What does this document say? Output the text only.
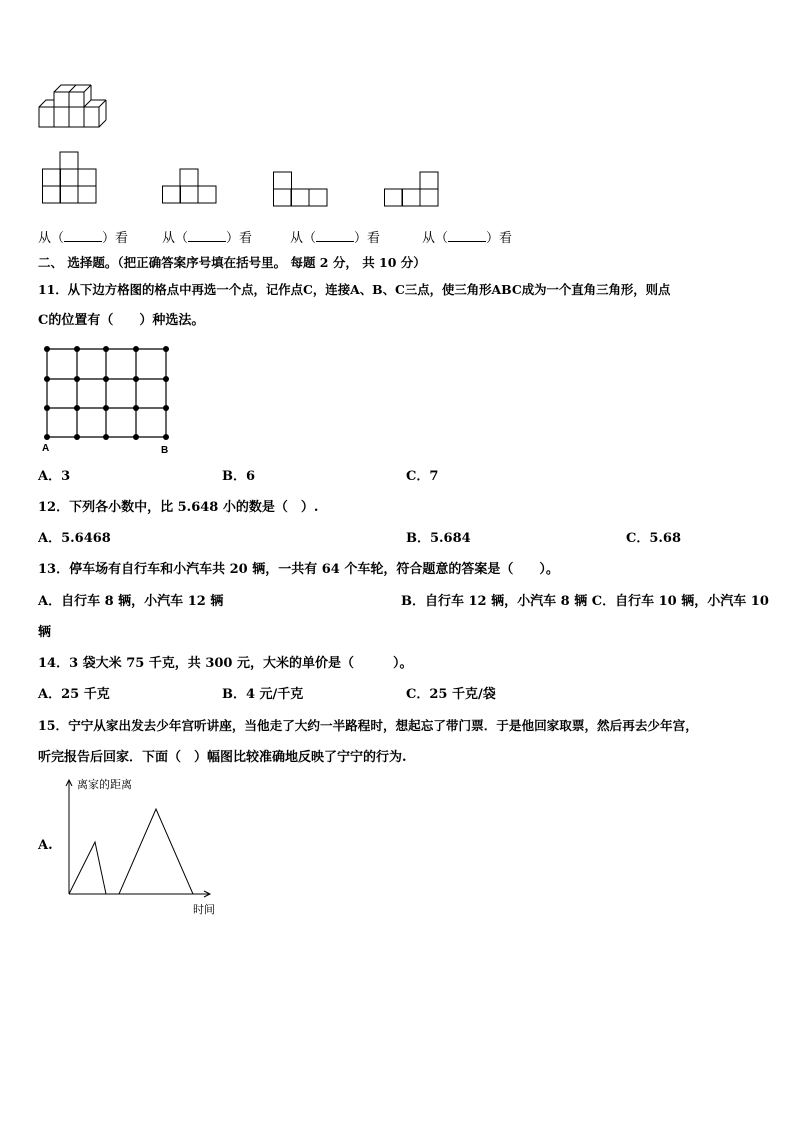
从（	）看	从（	）看	从（	）看	从（	）看
二、 选择题。（把正确答案序号填在括号里。 每题 2 分， 共 10 分）
11．从下边方格图的格点中再选一个点，记作点C，连接A、B、C三点，使三角形ABC成为一个直角三角形，则点
C的位置有（　　）种选法。
A	B
A．3	B．6	C．7
12．下列各小数中，比 5.648 小的数是（　）.
A．5.6468	B．5.684	C．5.68
13．停车场有自行车和小汽车共 20 辆，一共有 64 个车轮，符合题意的答案是（　　）。
A．自行车 8 辆，小汽车 12 辆	B．自行车 12 辆，小汽车 8 辆 C．自行车 10 辆，小汽车 10
辆
14．3 袋大米 75 千克，共 300 元，大米的单价是（　　　）。
A．25 千克	B．4 元/千克	C．25 千克/袋
15．宁宁从家出发去少年宫听讲座，当他走了大约一半路程时，想起忘了带门票．于是他回家取票，然后再去少年宫，
听完报告后回家．下面（　）幅图比较准确地反映了宁宁的行为.
A.
离家的距离
时间
